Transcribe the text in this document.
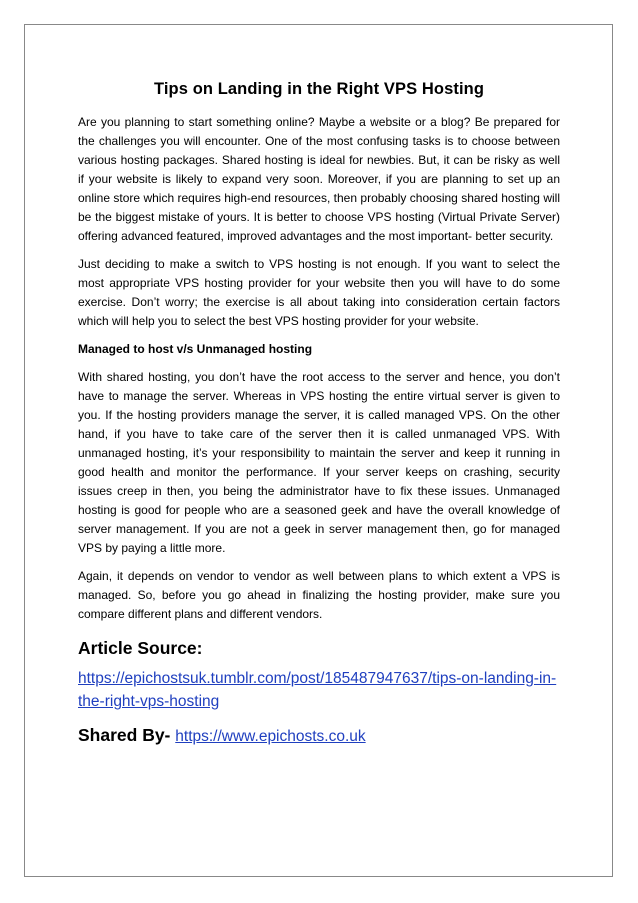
Tips on Landing in the Right VPS Hosting

Are you planning to start something online? Maybe a website or a blog? Be prepared for the challenges you will encounter. One of the most confusing tasks is to choose between various hosting packages. Shared hosting is ideal for newbies. But, it can be risky as well if your website is likely to expand very soon. Moreover, if you are planning to set up an online store which requires high-end resources, then probably choosing shared hosting will be the biggest mistake of yours. It is better to choose VPS hosting (Virtual Private Server) offering advanced featured, improved advantages and the most important- better security.

Just deciding to make a switch to VPS hosting is not enough. If you want to select the most appropriate VPS hosting provider for your website then you will have to do some exercise. Don’t worry; the exercise is all about taking into consideration certain factors which will help you to select the best VPS hosting provider for your website.

Managed to host v/s Unmanaged hosting

With shared hosting, you don’t have the root access to the server and hence, you don’t have to manage the server. Whereas in VPS hosting the entire virtual server is given to you. If the hosting providers manage the server, it is called managed VPS. On the other hand, if you have to take care of the server then it is called unmanaged VPS. With unmanaged hosting, it’s your responsibility to maintain the server and keep it running in good health and monitor the performance. If your server keeps on crashing, security issues creep in then, you being the administrator have to fix these issues. Unmanaged hosting is good for people who are a seasoned geek and have the overall knowledge of server management. If you are not a geek in server management then, go for managed VPS by paying a little more.

Again, it depends on vendor to vendor as well between plans to which extent a VPS is managed. So, before you go ahead in finalizing the hosting provider, make sure you compare different plans and different vendors.

Article Source:
https://epichostsuk.tumblr.com/post/185487947637/tips-on-landing-in-the-right-vps-hosting
Shared By- https://www.epichosts.co.uk
